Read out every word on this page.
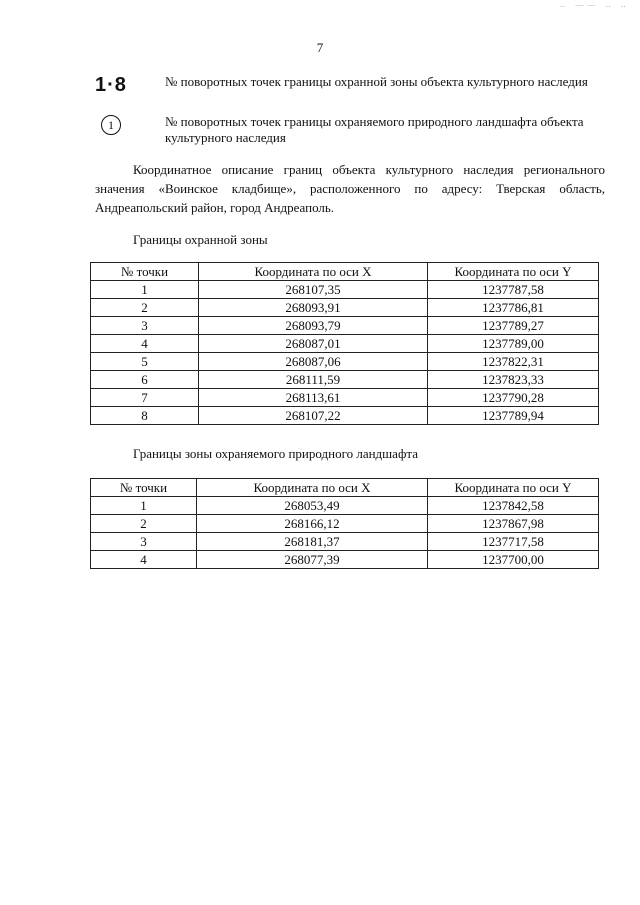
‥ —— ‥ ‥
7
1·8	№ поворотных точек границы охранной зоны объекта культурного наследия
1	№ поворотных точек границы охраняемого природного ландшафта объекта культурного наследия
Координатное описание границ объекта культурного наследия регионального значения «Воинское кладбище», расположенного по адресу: Тверская область, Андреапольский район, город Андреаполь.
Границы охранной зоны
№ точки	Координата по оси X	Координата по оси Y
1	268107,35	1237787,58
2	268093,91	1237786,81
3	268093,79	1237789,27
4	268087,01	1237789,00
5	268087,06	1237822,31
6	268111,59	1237823,33
7	268113,61	1237790,28
8	268107,22	1237789,94
Границы зоны охраняемого природного ландшафта
№ точки	Координата по оси X	Координата по оси Y
1	268053,49	1237842,58
2	268166,12	1237867,98
3	268181,37	1237717,58
4	268077,39	1237700,00
